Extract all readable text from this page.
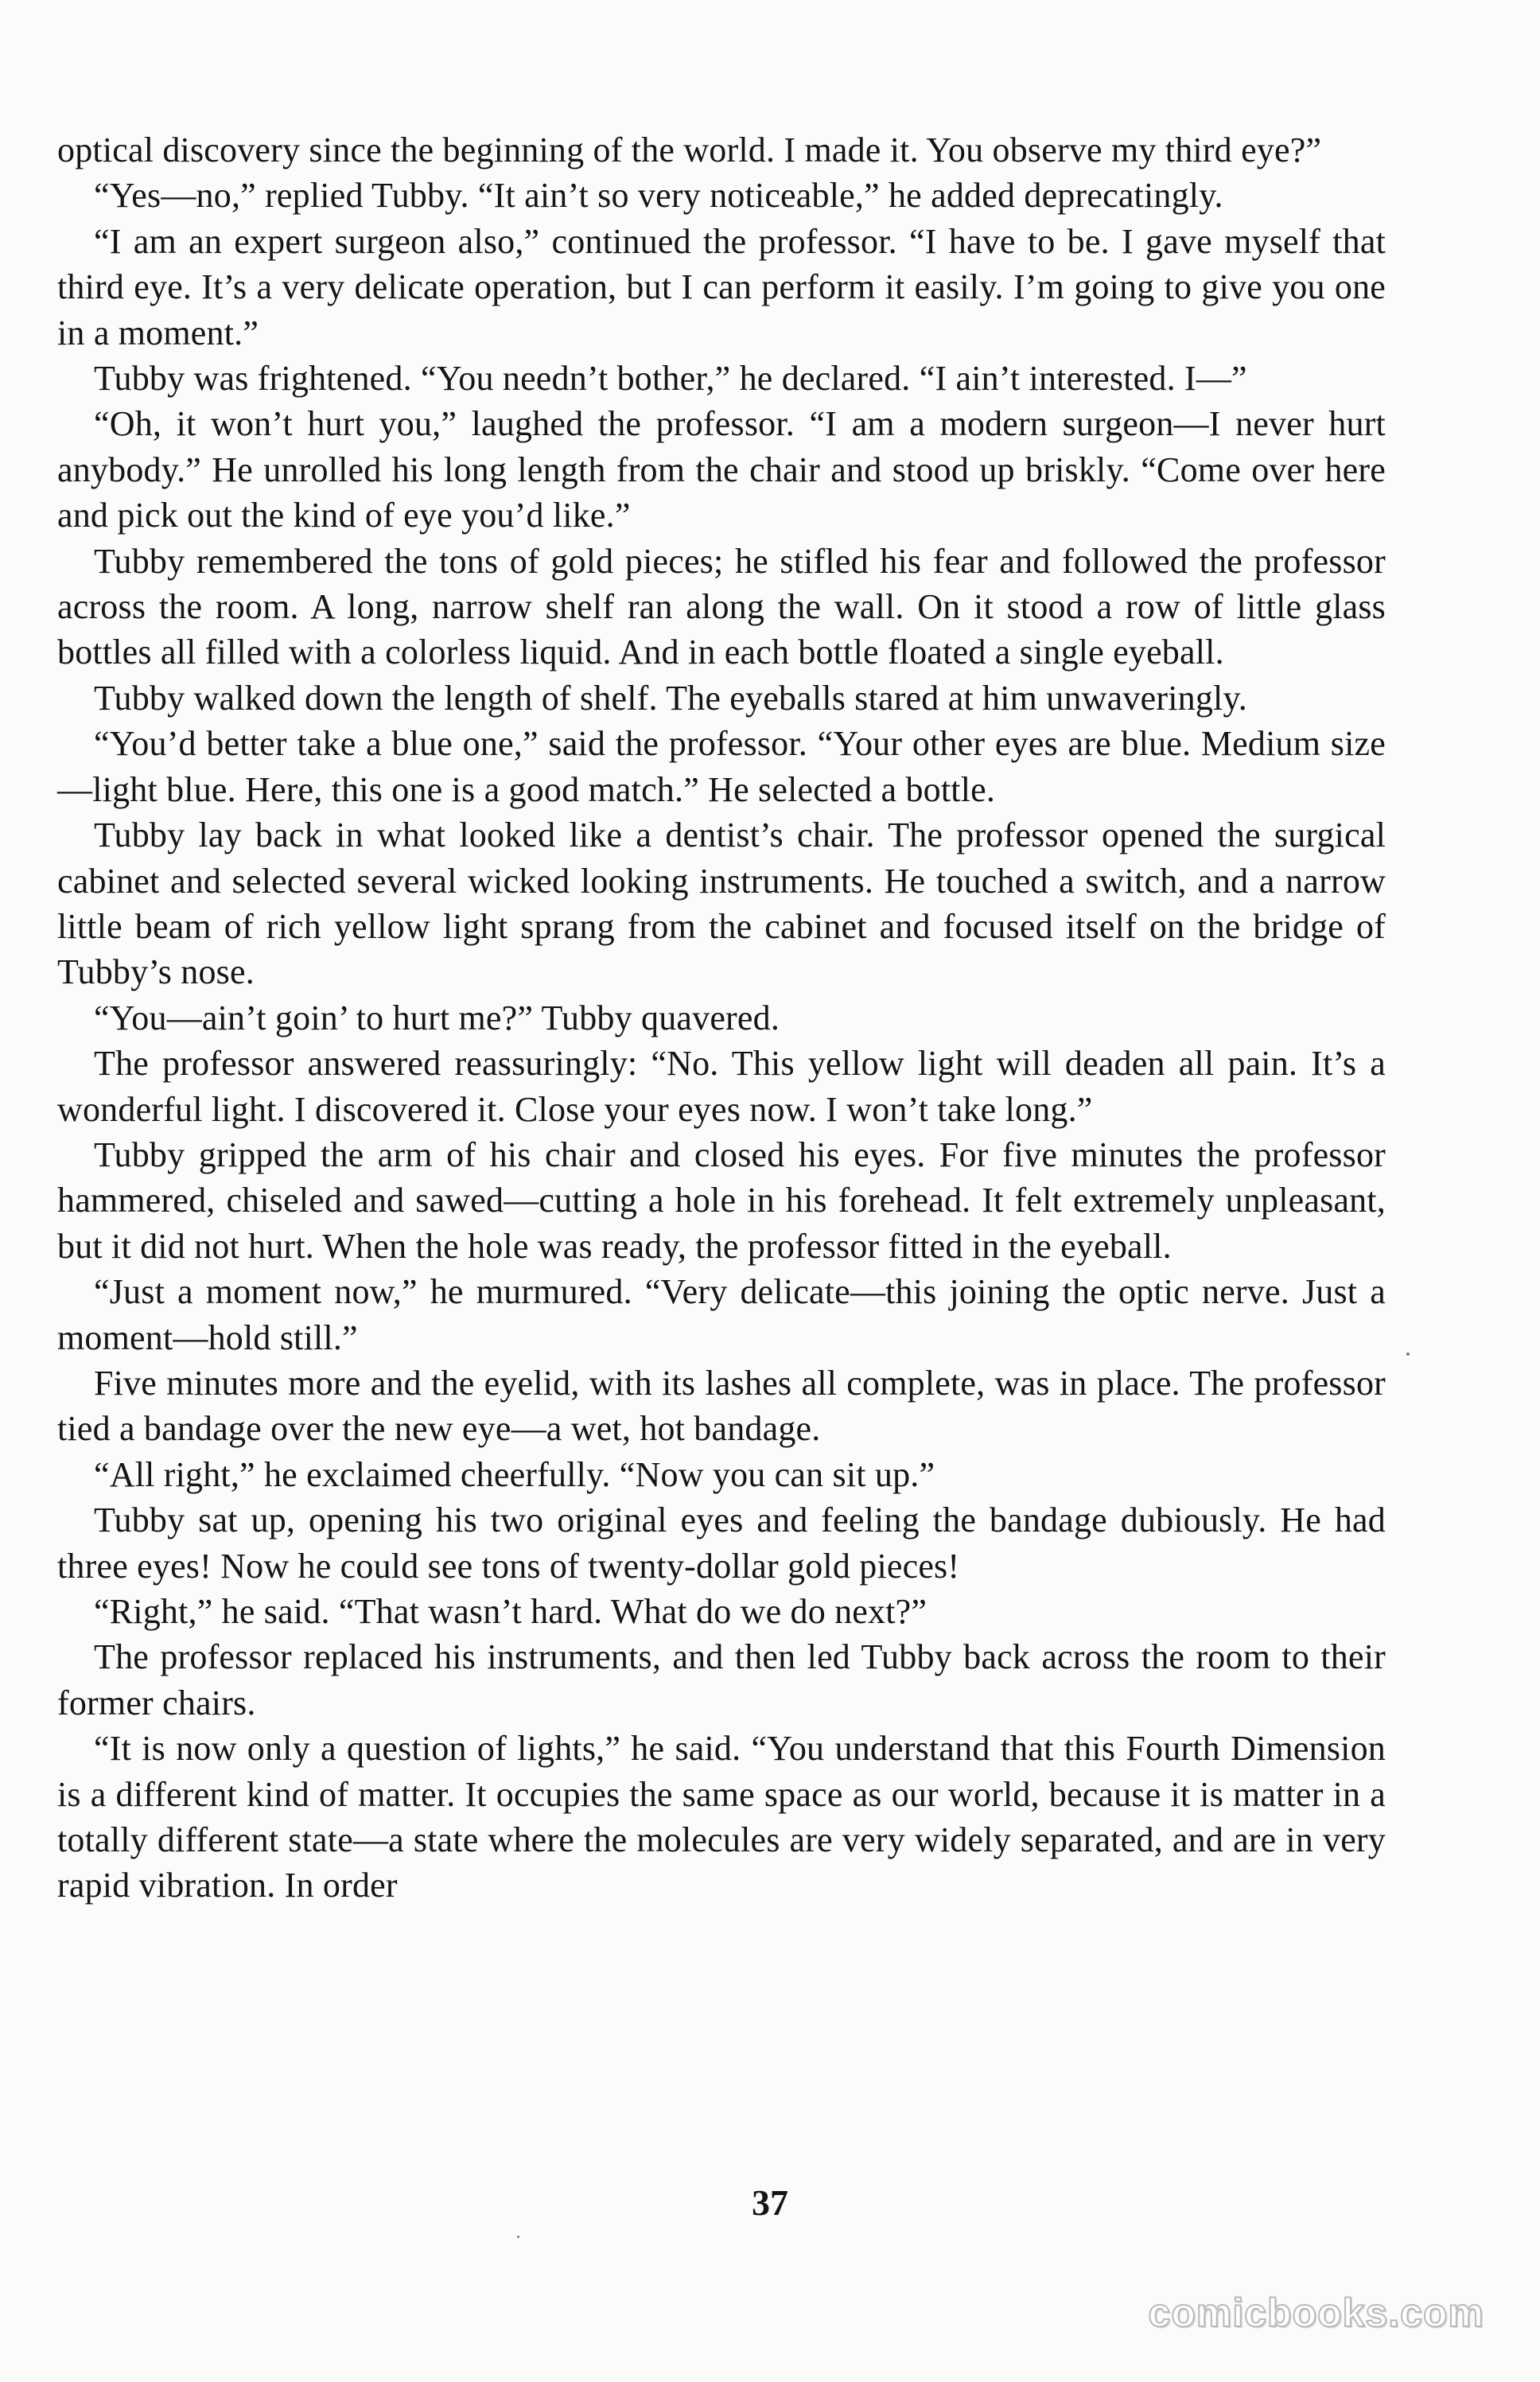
optical discovery since the beginning of the world. I made it. You observe my third eye?”

“Yes—no,” replied Tubby. “It ain’t so very noticeable,” he added deprecatingly.

“I am an expert surgeon also,” continued the professor. “I have to be. I gave myself that third eye. It’s a very delicate operation, but I can perform it easily. I’m going to give you one in a moment.”

Tubby was frightened. “You needn’t bother,” he declared. “I ain’t interested. I—”

“Oh, it won’t hurt you,” laughed the professor. “I am a modern surgeon—I never hurt anybody.” He unrolled his long length from the chair and stood up briskly. “Come over here and pick out the kind of eye you’d like.”

Tubby remembered the tons of gold pieces; he stifled his fear and followed the professor across the room. A long, narrow shelf ran along the wall. On it stood a row of little glass bottles all filled with a colorless liquid. And in each bottle floated a single eyeball.

Tubby walked down the length of shelf. The eyeballs stared at him unwaveringly.

“You’d better take a blue one,” said the professor. “Your other eyes are blue. Medium size—light blue. Here, this one is a good match.” He selected a bottle.

Tubby lay back in what looked like a dentist’s chair. The professor opened the surgical cabinet and selected several wicked looking instruments. He touched a switch, and a narrow little beam of rich yellow light sprang from the cabinet and focused itself on the bridge of Tubby’s nose.

“You—ain’t goin’ to hurt me?” Tubby quavered.

The professor answered reassuringly: “No. This yellow light will deaden all pain. It’s a wonderful light. I discovered it. Close your eyes now. I won’t take long.”

Tubby gripped the arm of his chair and closed his eyes. For five minutes the professor hammered, chiseled and sawed—cutting a hole in his forehead. It felt extremely unpleasant, but it did not hurt. When the hole was ready, the professor fitted in the eyeball.

“Just a moment now,” he murmured. “Very delicate—this joining the optic nerve. Just a moment—hold still.”

Five minutes more and the eyelid, with its lashes all complete, was in place. The professor tied a bandage over the new eye—a wet, hot bandage.

“All right,” he exclaimed cheerfully. “Now you can sit up.”

Tubby sat up, opening his two original eyes and feeling the bandage dubiously. He had three eyes! Now he could see tons of twenty-dollar gold pieces!

“Right,” he said. “That wasn’t hard. What do we do next?”

The professor replaced his instruments, and then led Tubby back across the room to their former chairs.

“It is now only a question of lights,” he said. “You understand that this Fourth Dimension is a different kind of matter. It occupies the same space as our world, because it is matter in a totally different state—a state where the molecules are very widely separated, and are in very rapid vibration. In order

37
comicbooks.com
